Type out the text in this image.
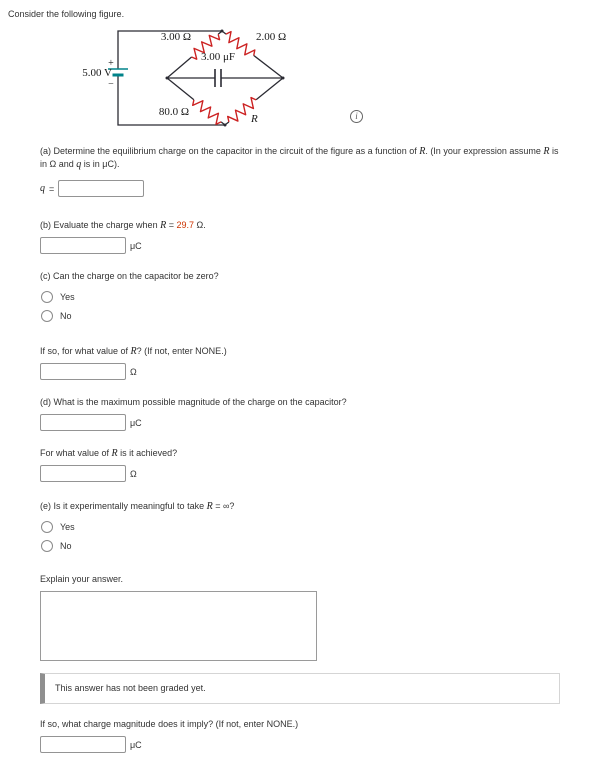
Consider the following figure.

3.00 Ω	2.00 Ω
3.00 μF
80.0 Ω
R
5.00 V
+
−
i

(a) Determine the equilibrium charge on the capacitor in the circuit of the figure as a function of R. (In your expression assume R is in Ω and q is in μC).

q =

(b) Evaluate the charge when R = 29.7 Ω.

μC

(c) Can the charge on the capacitor be zero?

Yes
No

If so, for what value of R? (If not, enter NONE.)

Ω

(d) What is the maximum possible magnitude of the charge on the capacitor?

μC

For what value of R is it achieved?

Ω

(e) Is it experimentally meaningful to take R = ∞?

Yes
No

Explain your answer.

This answer has not been graded yet.

If so, what charge magnitude does it imply? (If not, enter NONE.)

μC
